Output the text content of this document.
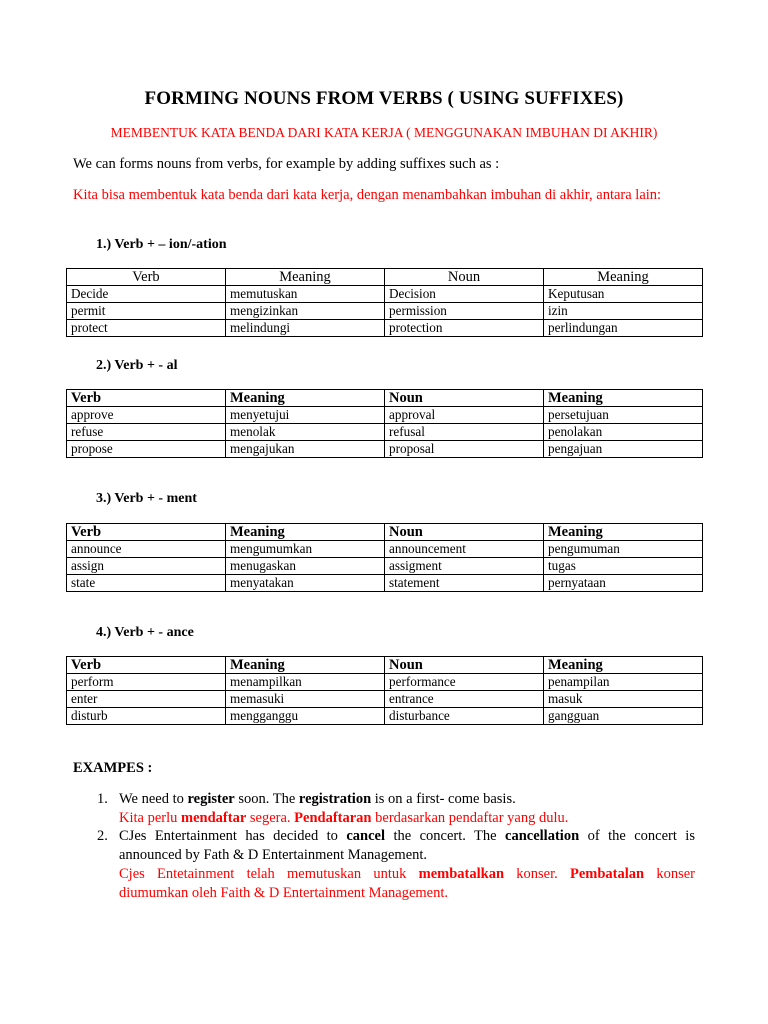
FORMING NOUNS FROM VERBS ( USING SUFFIXES)
MEMBENTUK KATA BENDA DARI KATA KERJA ( MENGGUNAKAN IMBUHAN DI AKHIR)
We can forms nouns from verbs, for example by adding suffixes such as :
Kita bisa membentuk kata benda dari kata kerja, dengan menambahkan imbuhan di akhir, antara lain:
1.) Verb + – ion/-ation
Verb	Meaning	Noun	Meaning
Decide	memutuskan	Decision	Keputusan
permit	mengizinkan	permission	izin
protect	melindungi	protection	perlindungan
2.) Verb + - al
Verb	Meaning	Noun	Meaning
approve	menyetujui	approval	persetujuan
refuse	menolak	refusal	penolakan
propose	mengajukan	proposal	pengajuan
3.) Verb + - ment
Verb	Meaning	Noun	Meaning
announce	mengumumkan	announcement	pengumuman
assign	menugaskan	assigment	tugas
state	menyatakan	statement	pernyataan
4.) Verb + - ance
Verb	Meaning	Noun	Meaning
perform	menampilkan	performance	penampilan
enter	memasuki	entrance	masuk
disturb	mengganggu	disturbance	gangguan
EXAMPES :
1. We need to register soon. The registration is on a first- come basis.
Kita perlu mendaftar segera. Pendaftaran berdasarkan pendaftar yang dulu.
2. CJes Entertainment has decided to cancel the concert. The cancellation of the concert is announced by Fath & D Entertainment Management.
Cjes Entetainment telah memutuskan untuk membatalkan konser. Pembatalan konser diumumkan oleh Faith & D Entertainment Management.
